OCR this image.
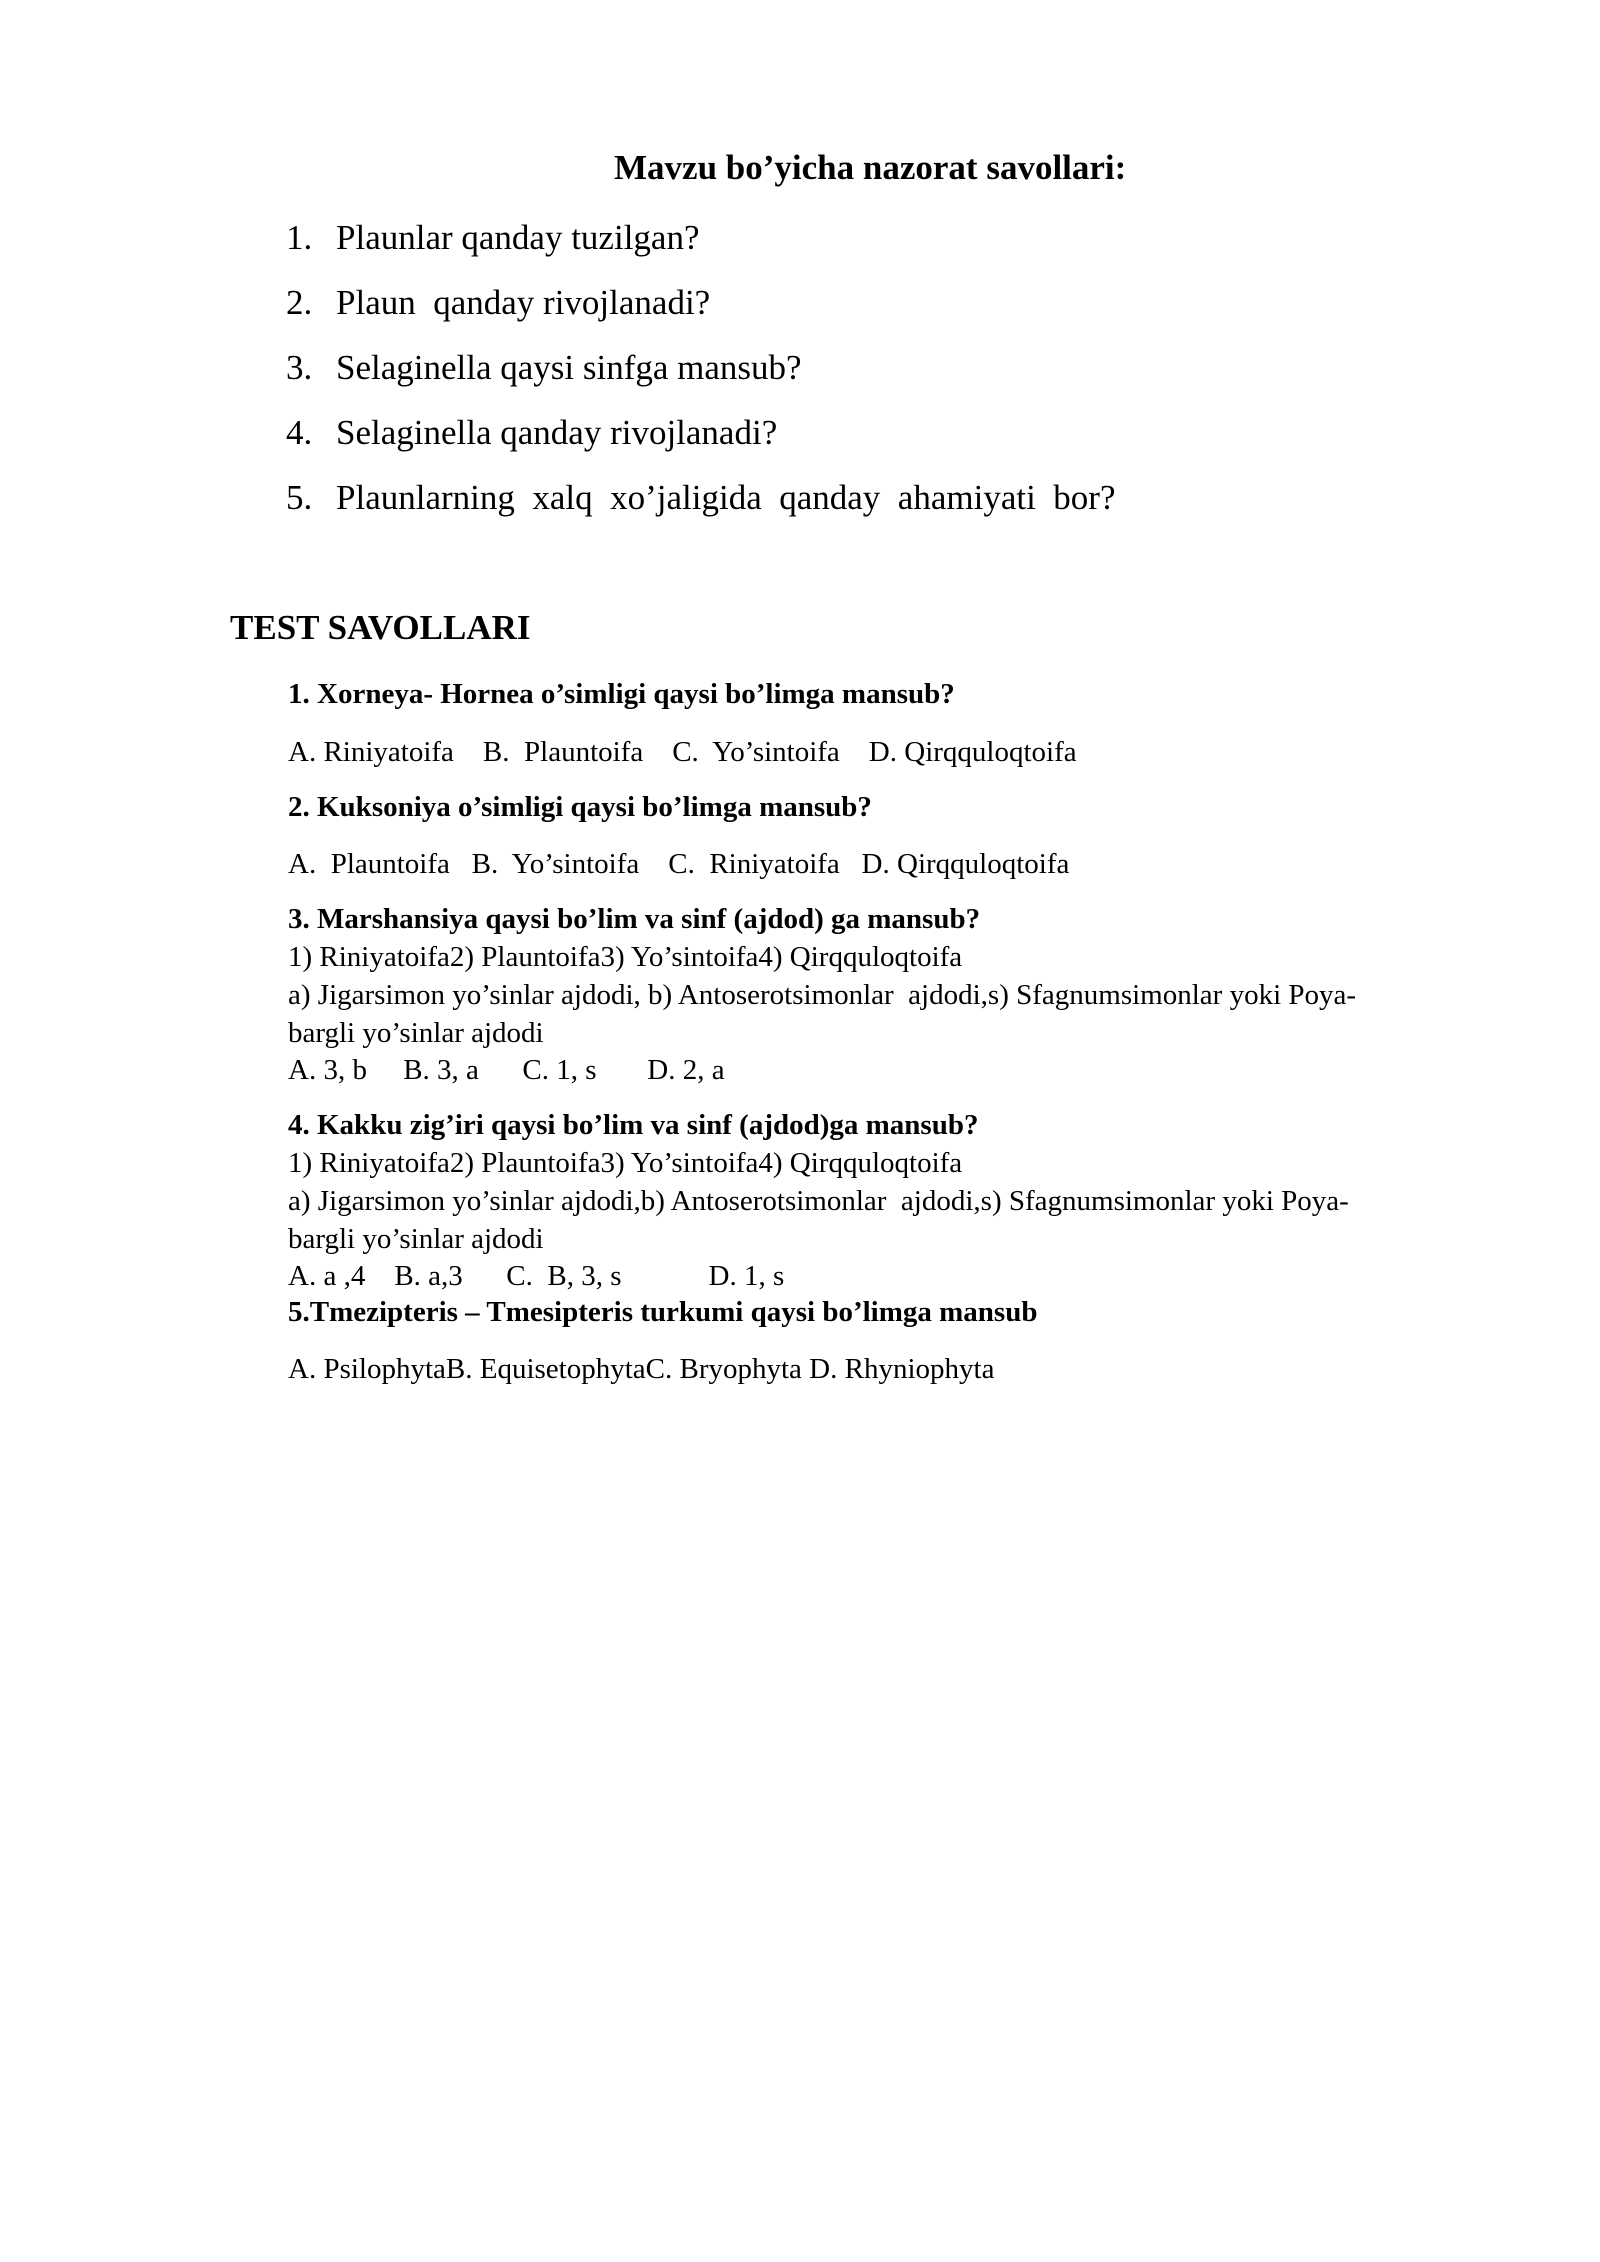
Mavzu bo’yicha nazorat savollari:
1. Plaunlar qanday tuzilgan?
2. Plaun  qanday rivojlanadi?
3. Selaginella qaysi sinfga mansub?
4. Selaginella qanday rivojlanadi?
5. Plaunlarning  xalq  xo’jaligida  qanday  ahamiyati  bor?
TEST SAVOLLARI
1. Xorneya- Hornea o’simligi qaysi bo’limga mansub?
A. Riniyatoifa    B.  Plauntoifa    C.  Yo’sintoifa    D. Qirqquloqtoifa
2. Kuksoniya o’simligi qaysi bo’limga mansub?
A.  Plauntoifa   B.  Yo’sintoifa    C.  Riniyatoifa   D. Qirqquloqtoifa
3. Marshansiya qaysi bo’lim va sinf (ajdod) ga mansub?
1) Riniyatoifa2) Plauntoifa3) Yo’sintoifa4) Qirqquloqtoifa
a) Jigarsimon yo’sinlar ajdodi, b) Antoserotsimonlar  ajdodi,s) Sfagnumsimonlar yoki Poya-
bargli yo’sinlar ajdodi
A. 3, b     B. 3, a      C. 1, s       D. 2, a
4. Kakku zig’iri qaysi bo’lim va sinf (ajdod)ga mansub?
1) Riniyatoifa2) Plauntoifa3) Yo’sintoifa4) Qirqquloqtoifa
a) Jigarsimon yo’sinlar ajdodi,b) Antoserotsimonlar  ajdodi,s) Sfagnumsimonlar yoki Poya-
bargli yo’sinlar ajdodi
A. a ,4    B. a,3      C.  B, 3, s            D. 1, s
5.Tmezipteris – Tmesipteris turkumi qaysi bo’limga mansub
A. PsilophytaB. EquisetophytaC. Bryophyta D. Rhyniophyta
